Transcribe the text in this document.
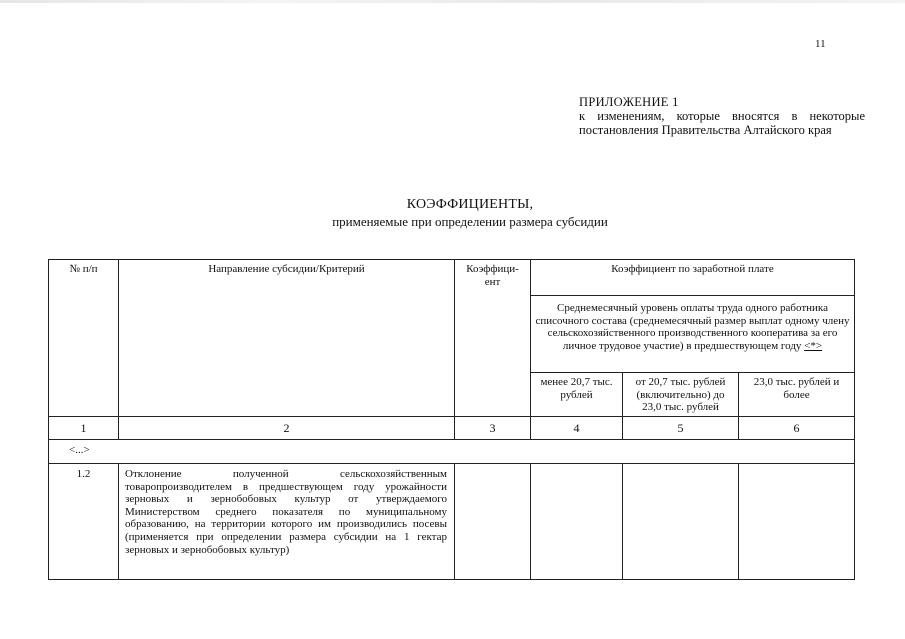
11
ПРИЛОЖЕНИЕ 1
к изменениям, которые вносятся в некоторые постановления Правительства Алтайского края
КОЭФФИЦИЕНТЫ,
применяемые при определении размера субсидии
№ п/п	Направление субсидии/Критерий	Коэффици-ент	Коэффициент по заработной плате		
			Среднемесячный уровень оплаты труда одного работника списочного состава (среднемесячный размер выплат одному члену сельскохозяйственного производственного кооператива за его личное трудовое участие) в предшествующем году <*>		
			менее 20,7 тыс. рублей	от 20,7 тыс. рублей (включительно) до 23,0 тыс. рублей	23,0 тыс. рублей и более
1	2	3	4	5	6
<...>					
1.2	Отклонение полученной сельскохозяйственным товаропроизводителем в предшествующем году урожайности зерновых и зернобобовых культур от утверждаемого Министерством среднего показателя по муниципальному образованию, на территории которого им производились посевы (применяется при определении размера субсидии на 1 гектар зерновых и зернобобовых культур)				
